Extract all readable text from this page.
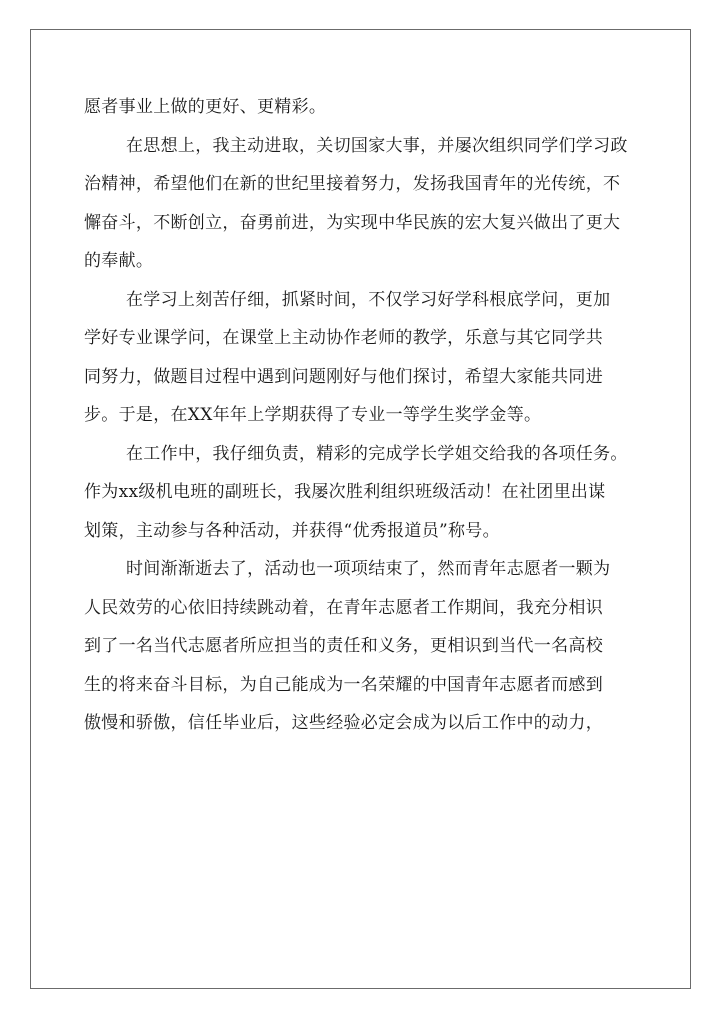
愿者事业上做的更好、更精彩。
在思想上，我主动进取，关切国家大事，并屡次组织同学们学习政
治精神，希望他们在新的世纪里接着努力，发扬我国青年的光传统，不
懈奋斗，不断创立，奋勇前进，为实现中华民族的宏大复兴做出了更大
的奉献。
在学习上刻苦仔细，抓紧时间，不仅学习好学科根底学问，更加
学好专业课学问，在课堂上主动协作老师的教学，乐意与其它同学共
同努力，做题目过程中遇到问题刚好与他们探讨，希望大家能共同进
步。于是，在XX年年上学期获得了专业一等学生奖学金等。
在工作中，我仔细负责，精彩的完成学长学姐交给我的各项任务。
作为xx级机电班的副班长，我屡次胜利组织班级活动！在社团里出谋
划策，主动参与各种活动，并获得“优秀报道员”称号。
时间渐渐逝去了，活动也一项项结束了，然而青年志愿者一颗为
人民效劳的心依旧持续跳动着，在青年志愿者工作期间，我充分相识
到了一名当代志愿者所应担当的责任和义务，更相识到当代一名高校
生的将来奋斗目标，为自己能成为一名荣耀的中国青年志愿者而感到
傲慢和骄傲，信任毕业后，这些经验必定会成为以后工作中的动力，
